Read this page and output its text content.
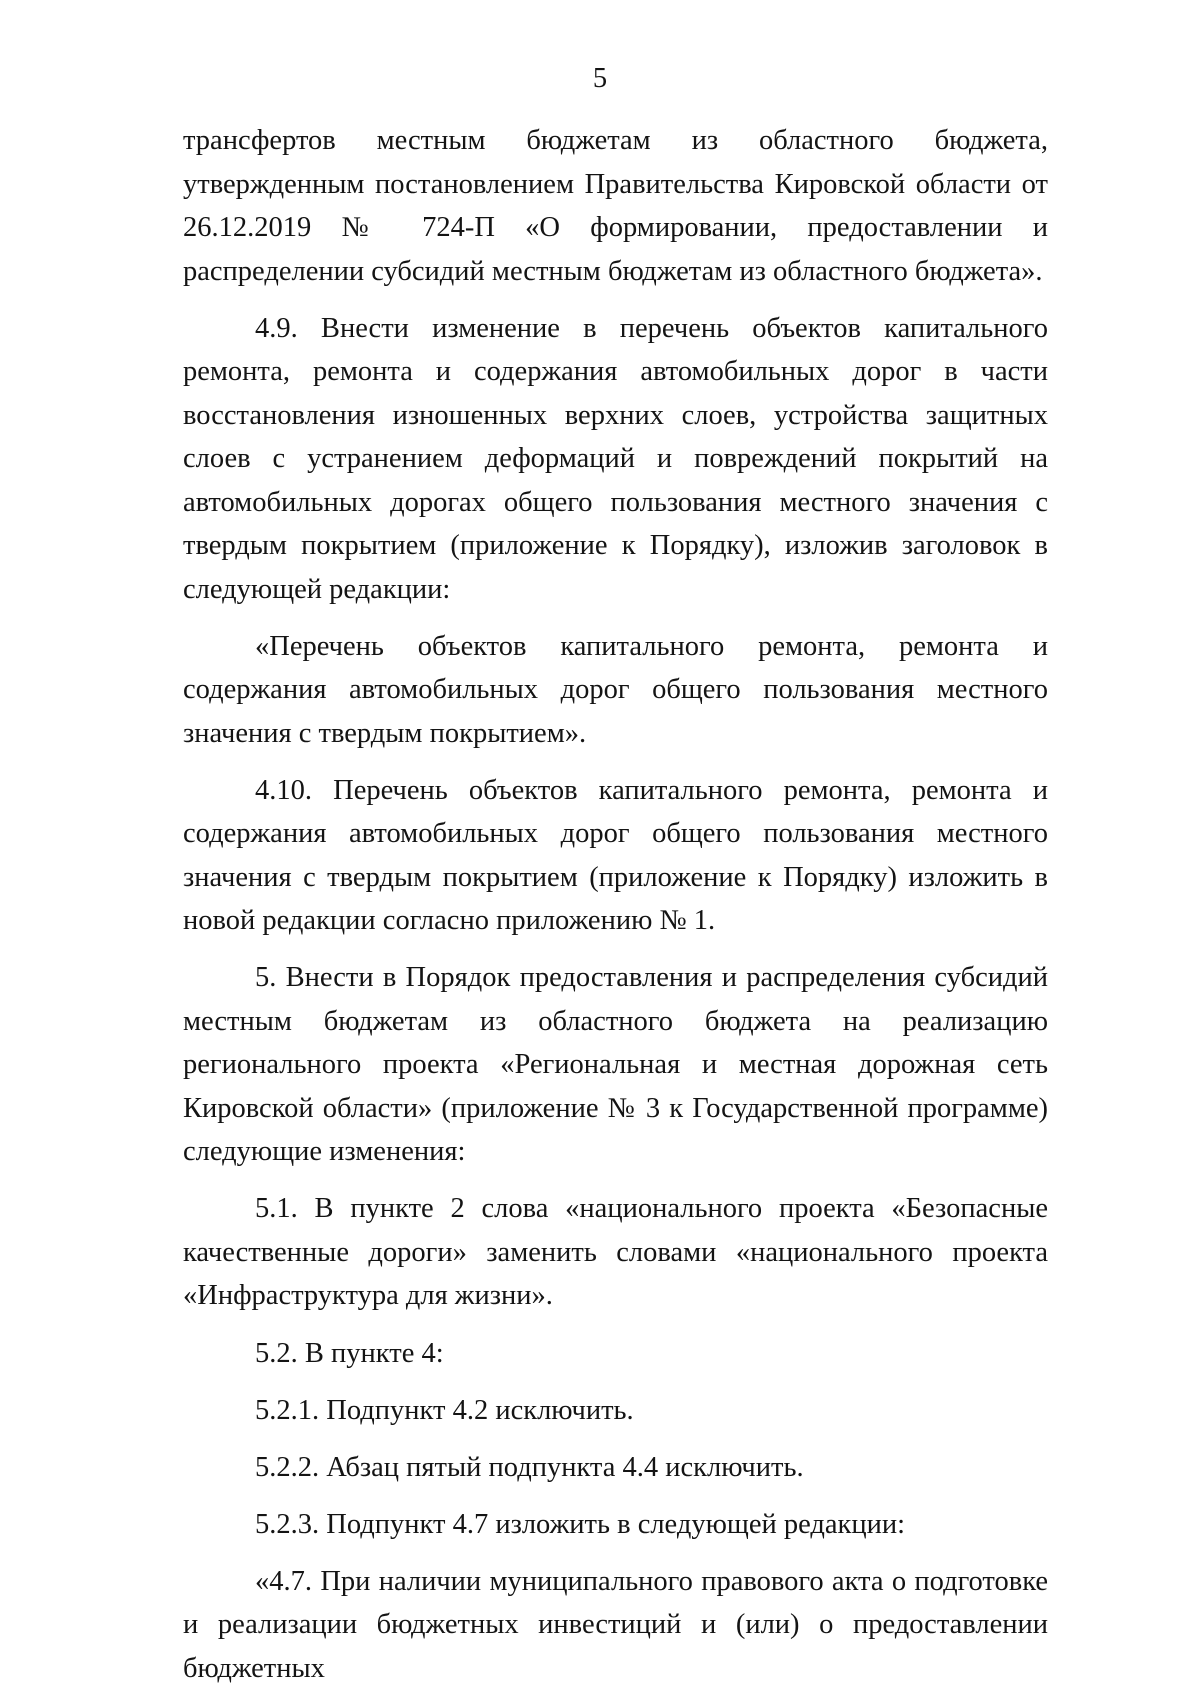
5

трансфертов местным бюджетам из областного бюджета, утвержденным постановлением Правительства Кировской области от 26.12.2019 № 724-П «О формировании, предоставлении и распределении субсидий местным бюджетам из областного бюджета».

4.9. Внести изменение в перечень объектов капитального ремонта, ремонта и содержания автомобильных дорог в части восстановления изношенных верхних слоев, устройства защитных слоев с устранением деформаций и повреждений покрытий на автомобильных дорогах общего пользования местного значения с твердым покрытием (приложение к Порядку), изложив заголовок в следующей редакции:

«Перечень объектов капитального ремонта, ремонта и содержания автомобильных дорог общего пользования местного значения с твердым покрытием».

4.10. Перечень объектов капитального ремонта, ремонта и содержания автомобильных дорог общего пользования местного значения с твердым покрытием (приложение к Порядку) изложить в новой редакции согласно приложению № 1.

5. Внести в Порядок предоставления и распределения субсидий местным бюджетам из областного бюджета на реализацию регионального проекта «Региональная и местная дорожная сеть Кировской области» (приложение № 3 к Государственной программе) следующие изменения:

5.1. В пункте 2 слова «национального проекта «Безопасные качественные дороги» заменить словами «национального проекта «Инфраструктура для жизни».

5.2. В пункте 4:

5.2.1. Подпункт 4.2 исключить.

5.2.2. Абзац пятый подпункта 4.4 исключить.

5.2.3. Подпункт 4.7 изложить в следующей редакции:

«4.7. При наличии муниципального правового акта о подготовке и реализации бюджетных инвестиций и (или) о предоставлении бюджетных
